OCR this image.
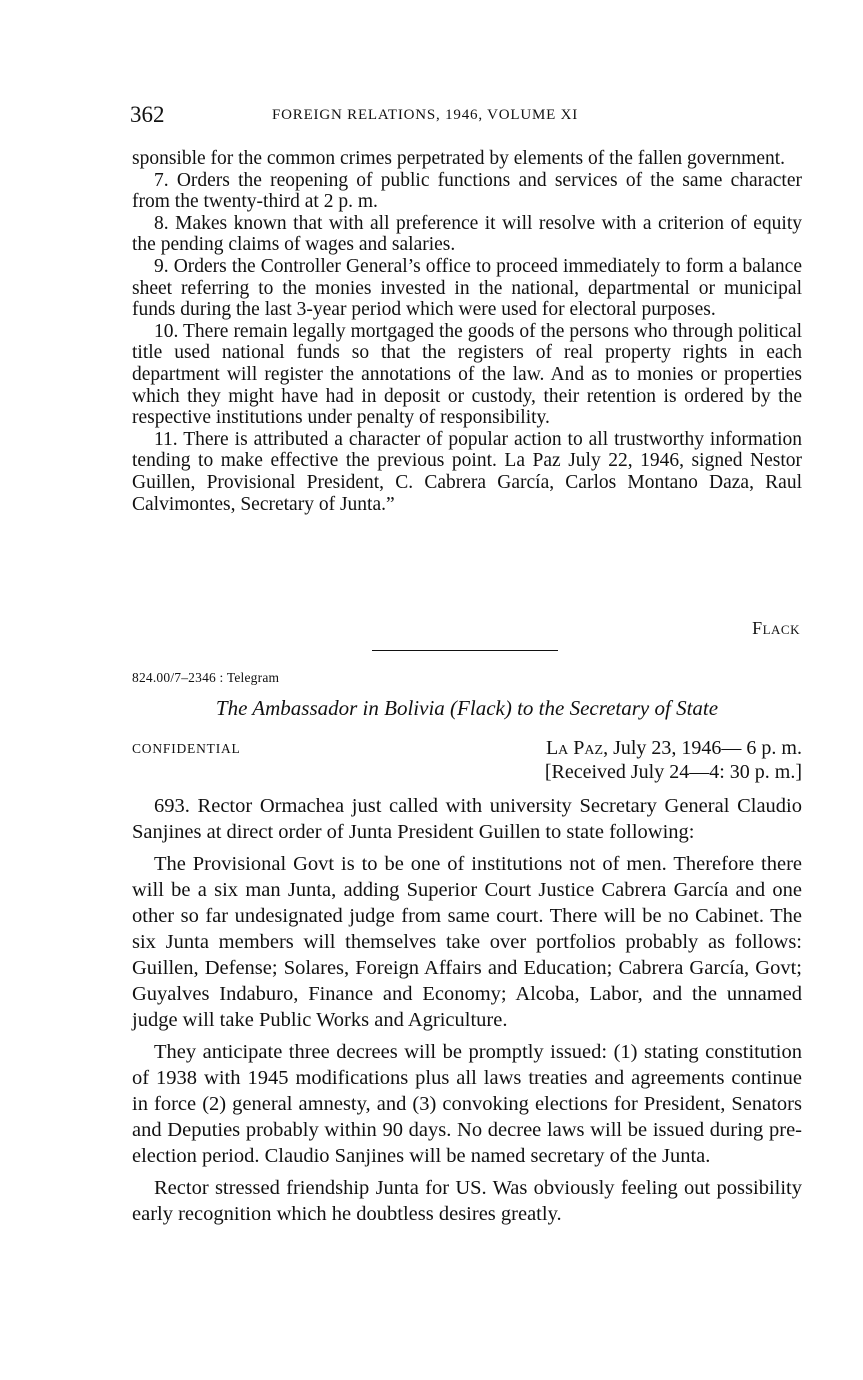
362	FOREIGN RELATIONS, 1946, VOLUME XI

sponsible for the common crimes perpetrated by elements of the fallen government.

7. Orders the reopening of public functions and services of the same character from the twenty-third at 2 p. m.

8. Makes known that with all preference it will resolve with a criterion of equity the pending claims of wages and salaries.

9. Orders the Controller General’s office to proceed immediately to form a balance sheet referring to the monies invested in the national, departmental or municipal funds during the last 3-year period which were used for electoral purposes.

10. There remain legally mortgaged the goods of the persons who through political title used national funds so that the registers of real property rights in each department will register the annotations of the law. And as to monies or properties which they might have had in deposit or custody, their retention is ordered by the respective institutions under penalty of responsibility.

11. There is attributed a character of popular action to all trustworthy information tending to make effective the previous point. La Paz July 22, 1946, signed Nestor Guillen, Provisional President, C. Cabrera García, Carlos Montano Daza, Raul Calvimontes, Secretary of Junta.”

Flack
824.00/7–2346 : Telegram
The Ambassador in Bolivia (Flack) to the Secretary of State
CONFIDENTIAL	La Paz, July 23, 1946— 6 p. m.
[Received July 24—4: 30 p. m.]

693. Rector Ormachea just called with university Secretary General Claudio Sanjines at direct order of Junta President Guillen to state following:

The Provisional Govt is to be one of institutions not of men. Therefore there will be a six man Junta, adding Superior Court Justice Cabrera García and one other so far undesignated judge from same court. There will be no Cabinet. The six Junta members will themselves take over portfolios probably as follows: Guillen, Defense; Solares, Foreign Affairs and Education; Cabrera García, Govt; Guyalves Indaburo, Finance and Economy; Alcoba, Labor, and the unnamed judge will take Public Works and Agriculture.

They anticipate three decrees will be promptly issued: (1) stating constitution of 1938 with 1945 modifications plus all laws treaties and agreements continue in force (2) general amnesty, and (3) convoking elections for President, Senators and Deputies probably within 90 days. No decree laws will be issued during pre-election period. Claudio Sanjines will be named secretary of the Junta.

Rector stressed friendship Junta for US. Was obviously feeling out possibility early recognition which he doubtless desires greatly.
